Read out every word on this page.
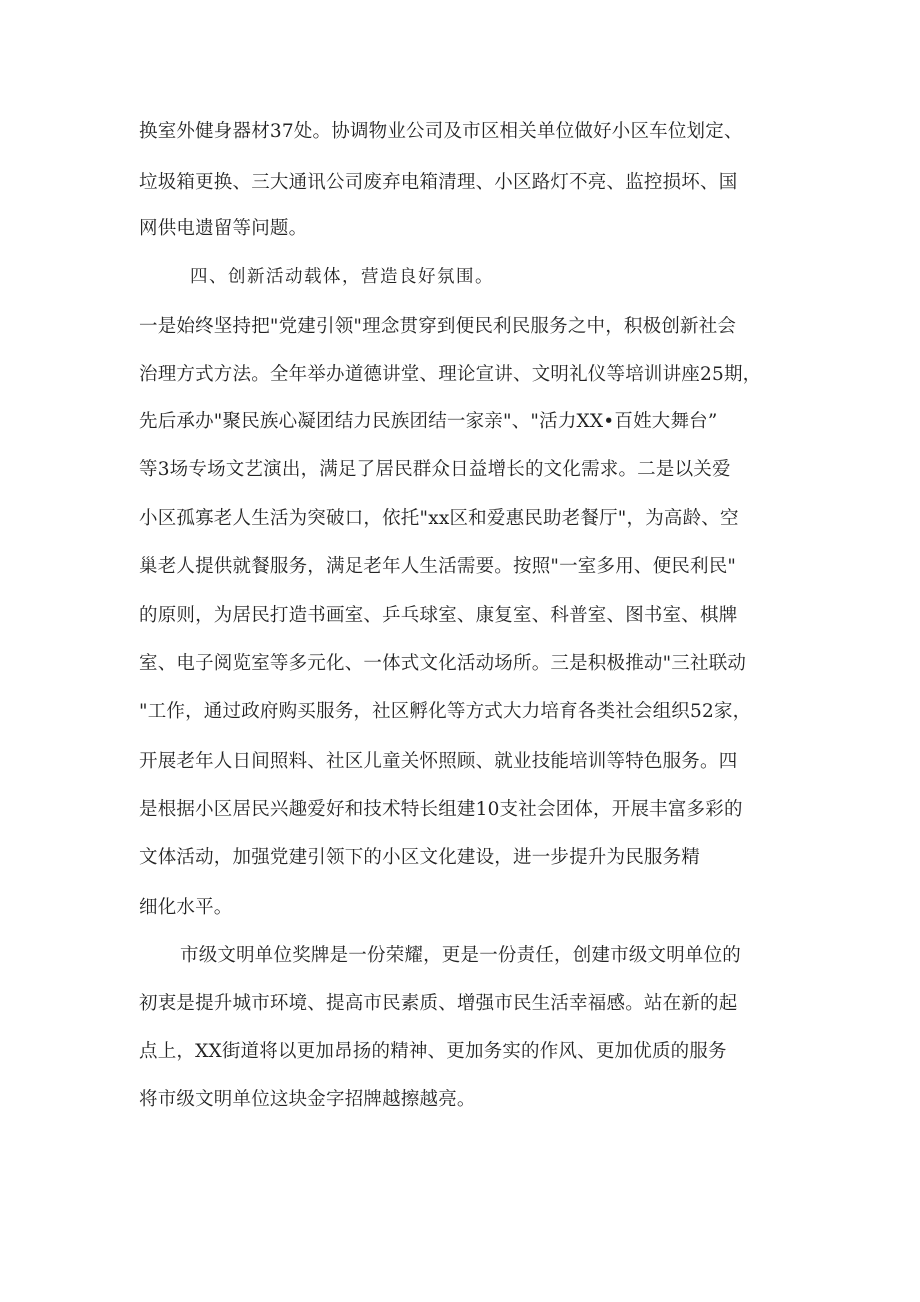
换室外健身器材37处。协调物业公司及市区相关单位做好小区车位划定、
垃圾箱更换、三大通讯公司废弃电箱清理、小区路灯不亮、监控损坏、国
网供电遗留等问题。
四、创新活动载体，营造良好氛围。
一是始终坚持把"党建引领"理念贯穿到便民利民服务之中，积极创新社会
治理方式方法。全年举办道德讲堂、理论宣讲、文明礼仪等培训讲座25期，
先后承办"聚民族心凝团结力民族团结一家亲"、"活力XX•百姓大舞台”
等3场专场文艺演出，满足了居民群众日益增长的文化需求。二是以关爱
小区孤寡老人生活为突破口，依托"xx区和爱惠民助老餐厅"，为高龄、空
巢老人提供就餐服务，满足老年人生活需要。按照"一室多用、便民利民"
的原则，为居民打造书画室、乒乓球室、康复室、科普室、图书室、棋牌
室、电子阅览室等多元化、一体式文化活动场所。三是积极推动"三社联动
"工作，通过政府购买服务，社区孵化等方式大力培育各类社会组织52家，
开展老年人日间照料、社区儿童关怀照顾、就业技能培训等特色服务。四
是根据小区居民兴趣爱好和技术特长组建10支社会团体，开展丰富多彩的
文体活动，加强党建引领下的小区文化建设，进一步提升为民服务精
细化水平。
市级文明单位奖牌是一份荣耀，更是一份责任，创建市级文明单位的
初衷是提升城市环境、提高市民素质、增强市民生活幸福感。站在新的起
点上，XX街道将以更加昂扬的精神、更加务实的作风、更加优质的服务
将市级文明单位这块金字招牌越擦越亮。
